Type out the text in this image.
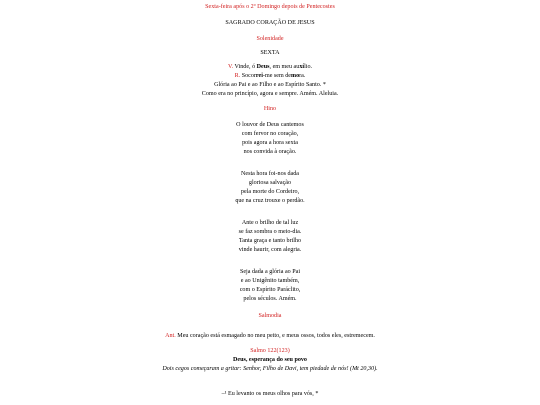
Sexta-feira após o 2º Domingo depois de Pentecostes
SAGRADO CORAÇÃO DE JESUS
Solenidade
SEXTA
V. Vinde, ó Deus, em meu auxílio.
R. Socorrei-me sem demora.
Glória ao Pai e ao Filho e ao Espírito Santo. *
Como era no princípio, agora e sempre. Amém. Aleluia.
Hino
O louvor de Deus cantemos
com fervor no coração,
pois agora a hora sexta
nos convida à oração.
Nesta hora foi-nos dada
gloriosa salvação
pela morte do Cordeiro,
que na cruz trouxe o perdão.
Ante o brilho de tal luz
se faz sombra o meio-dia.
Tanta graça e tanto brilho
vinde haurir, com alegria.
Seja dada a glória ao Pai
e ao Unigênito também,
com o Espírito Paráclito,
pelos séculos. Amém.
Salmodia
Ant. Meu coração está esmagado no meu peito, e meus ossos, todos eles, estremecem.
Salmo 122(123)
Deus, esperança do seu povo
Dois cegos começaram a gritar: Senhor, Filho de Davi, tem piedade de nós! (Mt 20,30).
–¹ Eu levanto os meus olhos para vós, *
